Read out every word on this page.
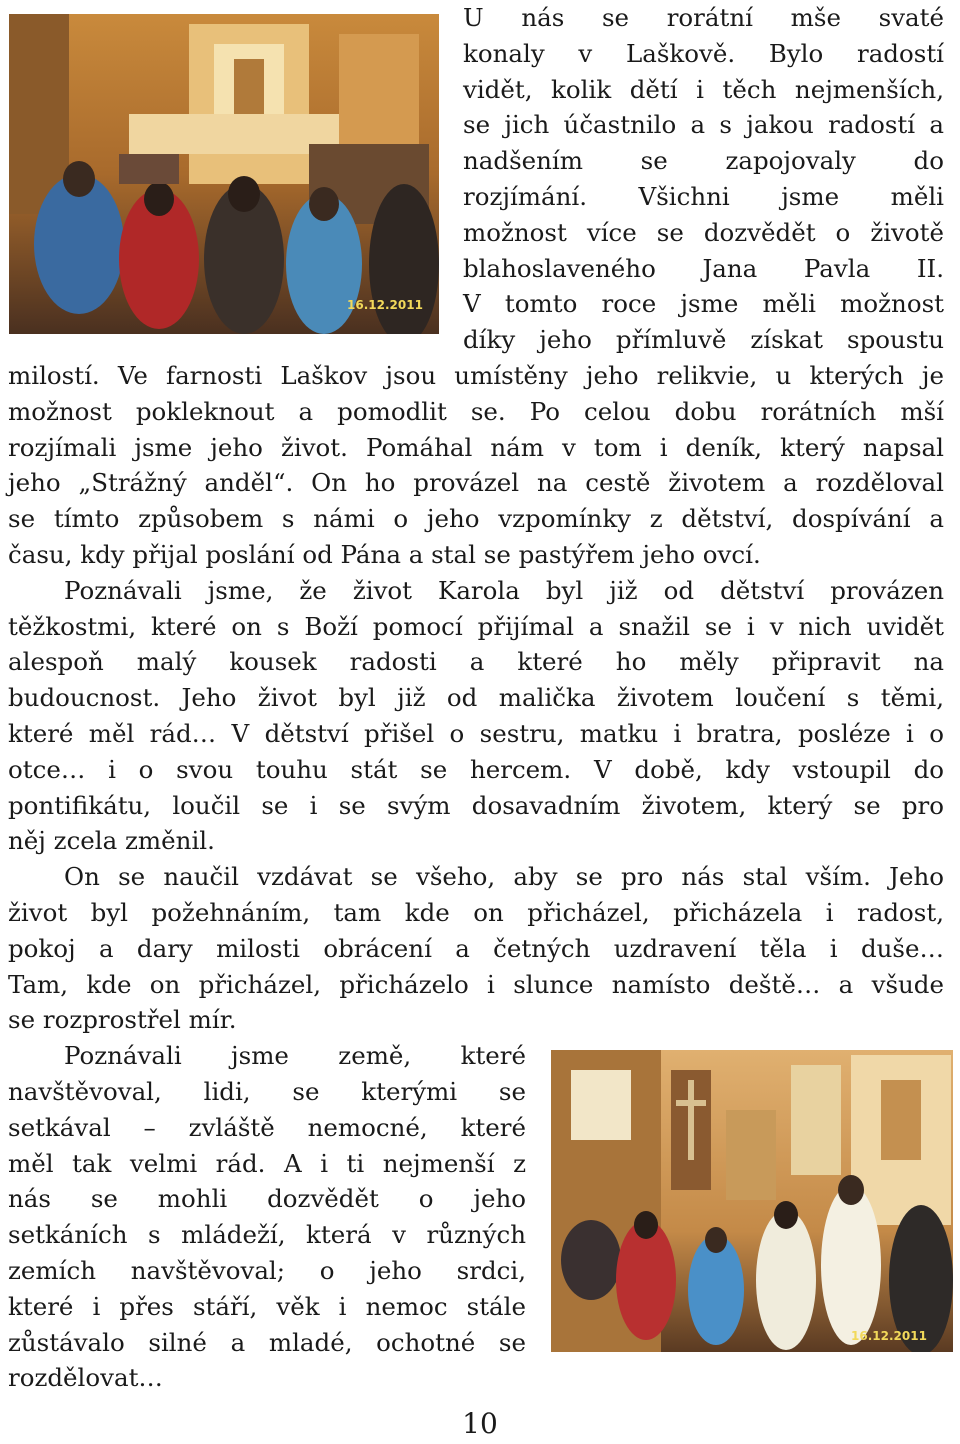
16.12.2011
16.12.2011
U nás se rorátní mše svaté
konaly v Laškově. Bylo radostí
vidět, kolik dětí i těch nejmenších,
se jich účastnilo a s jakou radostí a
nadšením se zapojovaly do
rozjímání. Všichni jsme měli
možnost více se dozvědět o životě
blahoslaveného Jana Pavla II.
V tomto roce jsme měli možnost
díky jeho přímluvě získat spoustu
milostí. Ve farnosti Laškov jsou umístěny jeho relikvie, u kterých je
možnost pokleknout a pomodlit se. Po celou dobu rorátních mší
rozjímali jsme jeho život. Pomáhal nám v tom i deník, který napsal
jeho „Strážný anděl“. On ho provázel na cestě životem a rozděloval
se tímto způsobem s námi o jeho vzpomínky z dětství, dospívání a
času, kdy přijal poslání od Pána a stal se pastýřem jeho ovcí.
Poznávali jsme, že život Karola byl již od dětství provázen
těžkostmi, které on s Boží pomocí přijímal a snažil se i v nich uvidět
alespoň malý kousek radosti a které ho měly připravit na
budoucnost. Jeho život byl již od malička životem loučení s těmi,
které měl rád… V dětství přišel o sestru, matku i bratra, posléze i o
otce… i o svou touhu stát se hercem. V době, kdy vstoupil do
pontifikátu, loučil se i se svým dosavadním životem, který se pro
něj zcela změnil.
On se naučil vzdávat se všeho, aby se pro nás stal vším. Jeho
život byl požehnáním, tam kde on přicházel, přicházela i radost,
pokoj a dary milosti obrácení a četných uzdravení těla i duše…
Tam, kde on přicházel, přicházelo i slunce namísto deště… a všude
se rozprostřel mír.
Poznávali jsme země, které
navštěvoval, lidi, se kterými se
setkával – zvláště nemocné, které
měl tak velmi rád. A i ti nejmenší z
nás se mohli dozvědět o jeho
setkáních s mládeží, která v různých
zemích navštěvoval; o jeho srdci,
které i přes stáří, věk i nemoc stále
zůstávalo silné a mladé, ochotné se
rozdělovat…
10
